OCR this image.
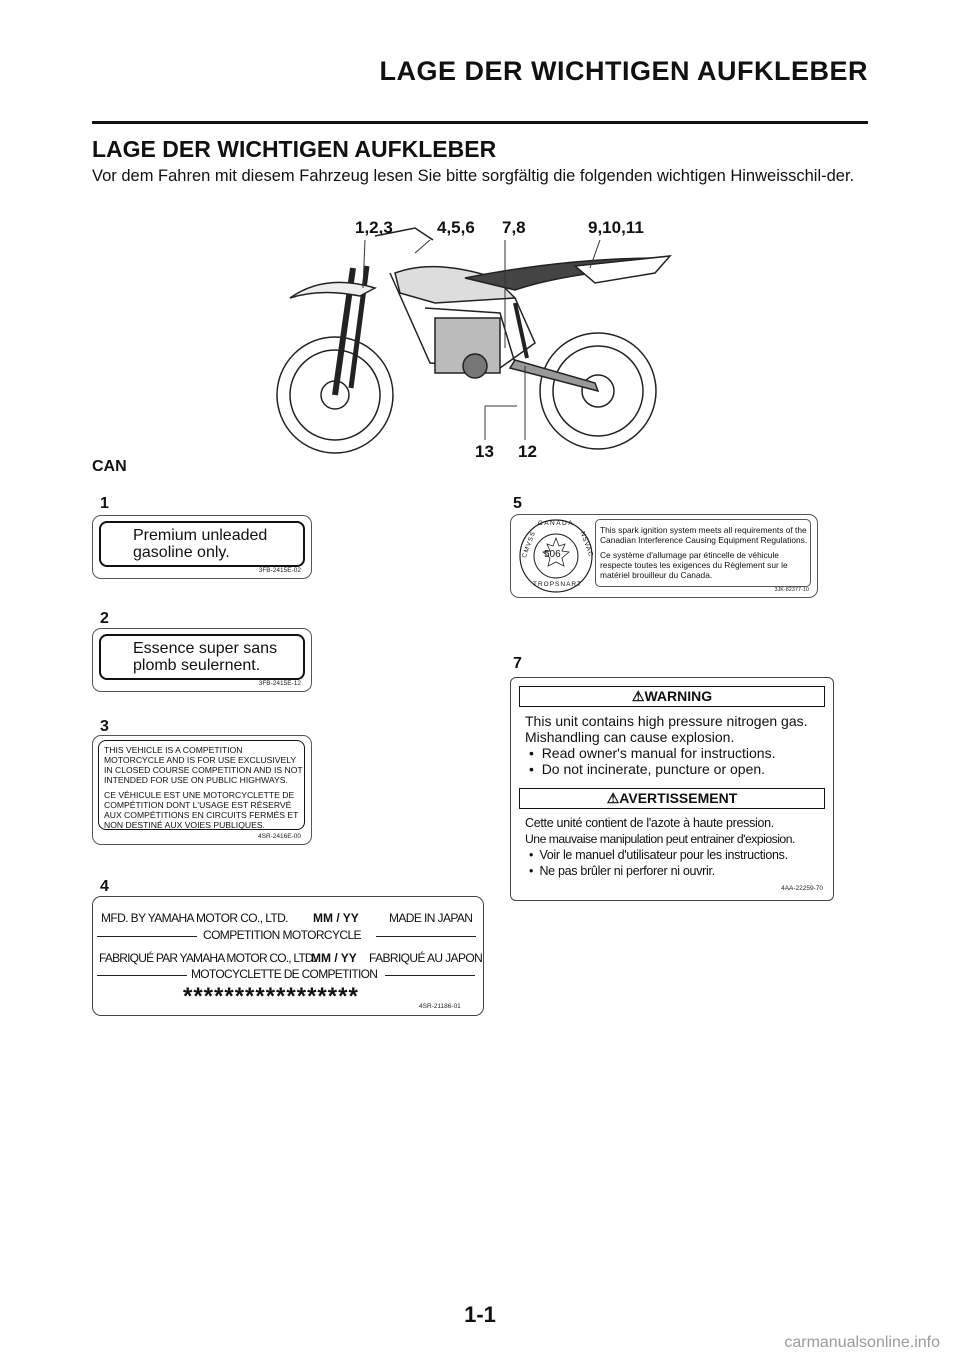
LAGE DER WICHTIGEN AUFKLEBER
LAGE DER WICHTIGEN AUFKLEBER
Vor dem Fahren mit diesem Fahrzeug lesen Sie bitte sorgfältig die folgenden wichtigen Hinweisschil-der.
1,2,3	4,5,6 7,8	9,10,11
13 12
CAN
1
Premium unleaded
gasoline only.
3FB-2415E-02
2
Essence super sans
plomb seulernent.
3FB-2415E-12
3
THIS VEHICLE IS A COMPETITION
MOTORCYCLE AND IS FOR USE EXCLUSIVELY
IN CLOSED COURSE COMPETITION AND IS NOT
INTENDED FOR USE ON PUBLIC HIGHWAYS.
CE VÉHICULE EST UNE MOTORCYCLETTE DE
COMPÉTITION DONT L'USAGE EST RÉSERVÉ
AUX COMPÉTITIONS EN CIRCUITS FERMÉS ET
NON DESTINÉ AUX VOIES PUBLIQUES.
4SR-2416E-00
4
MFD. BY YAMAHA MOTOR CO., LTD. MM / YY	MADE IN JAPAN
COMPETITION MOTORCYCLE
FABRIQUÉ PAR YAMAHA MOTOR CO., LTD.
MM / YY FABRIQUÉ AU JAPON
MOTOCYCLETTE DE COMPETITION
*****************	4SR-21186-01
5
506
CANADA
CMVSS	NSVAC
TROPSNART
This spark ignition system meets all requirements of the
Canadian Interference Causing Equipment Regulations.
Ce système d'allumage par étincelle de véhicule
respecte toutes les exigences du Règlement sur le
matériel brouilleur du Canada.
3JK-82377-10
7
⚠WARNING
This unit contains high pressure nitrogen gas.
Mishandling can cause explosion.
•  Read owner's manual for instructions.
•  Do not incinerate, puncture or open.
⚠AVERTISSEMENT
Cette unité contient de l'azote à haute pression.
Une mauvaise manipulation peut entrainer d'expiosion.
•  Voir le manuel d'utilisateur pour les instructions.
•  Ne pas brûler ni perforer ni ouvrir.
4AA-22259-70
1-1
carmanualsonline.info
